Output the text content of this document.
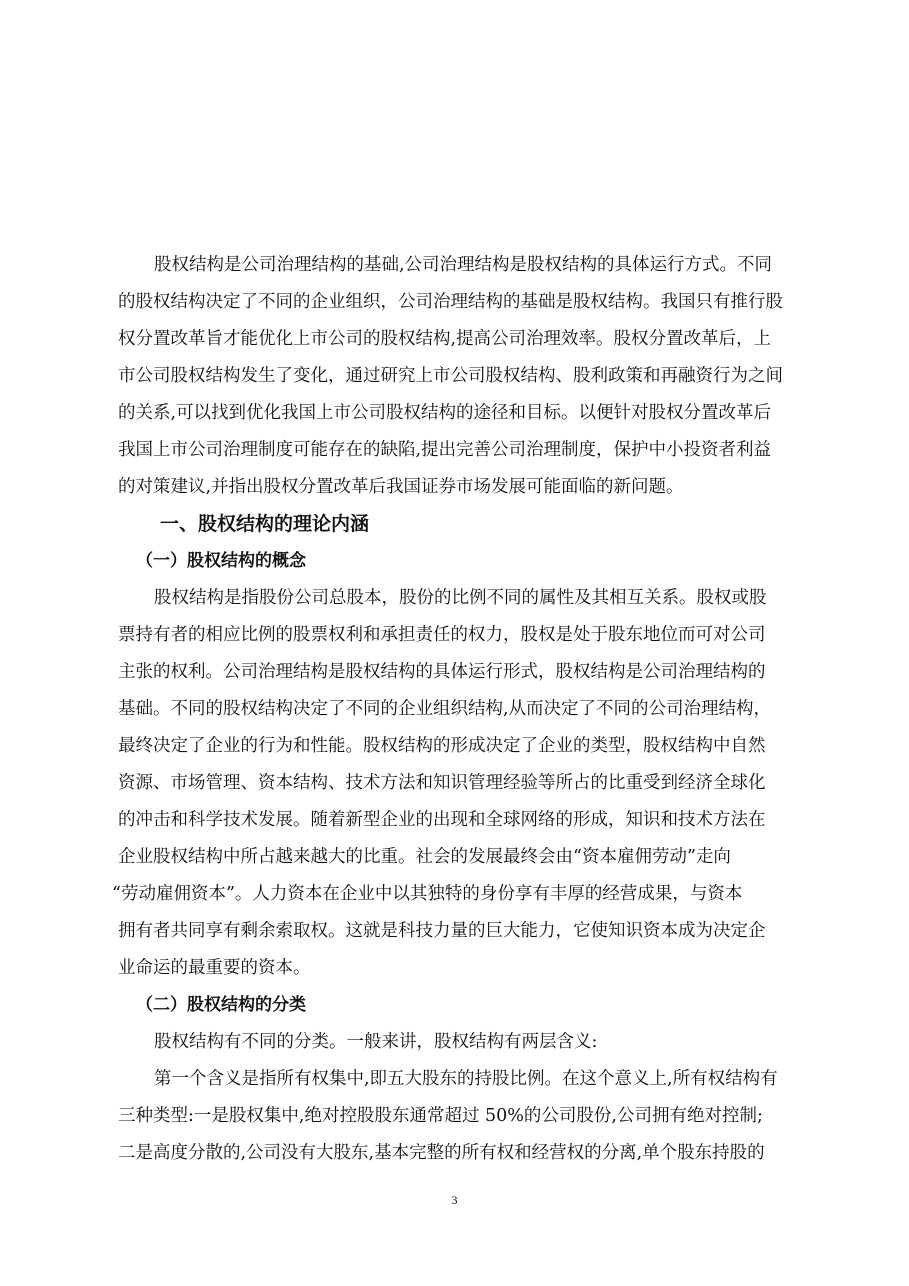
股权结构是公司治理结构的基础,公司治理结构是股权结构的具体运行方式。不同

的股权结构决定了不同的企业组织，公司治理结构的基础是股权结构。我国只有推行股

权分置改革旨才能优化上市公司的股权结构,提高公司治理效率。股权分置改革后，上

市公司股权结构发生了变化，通过研究上市公司股权结构、股利政策和再融资行为之间

的关系,可以找到优化我国上市公司股权结构的途径和目标。以便针对股权分置改革后

我国上市公司治理制度可能存在的缺陷,提出完善公司治理制度，保护中小投资者利益

的对策建议,并指出股权分置改革后我国证券市场发展可能面临的新问题。

一、股权结构的理论内涵

（一）股权结构的概念

股权结构是指股份公司总股本，股份的比例不同的属性及其相互关系。股权或股

票持有者的相应比例的股票权利和承担责任的权力，股权是处于股东地位而可对公司

主张的权利。公司治理结构是股权结构的具体运行形式，股权结构是公司治理结构的

基础。不同的股权结构决定了不同的企业组织结构,从而决定了不同的公司治理结构，

最终决定了企业的行为和性能。股权结构的形成决定了企业的类型，股权结构中自然

资源、市场管理、资本结构、技术方法和知识管理经验等所占的比重受到经济全球化

的冲击和科学技术发展。随着新型企业的出现和全球网络的形成，知识和技术方法在

企业股权结构中所占越来越大的比重。社会的发展最终会由“资本雇佣劳动”走向

“劳动雇佣资本”。人力资本在企业中以其独特的身份享有丰厚的经营成果，与资本

拥有者共同享有剩余索取权。这就是科技力量的巨大能力，它使知识资本成为决定企

业命运的最重要的资本。

（二）股权结构的分类

股权结构有不同的分类。一般来讲，股权结构有两层含义:

第一个含义是指所有权集中,即五大股东的持股比例。在这个意义上,所有权结构有

三种类型:一是股权集中,绝对控股股东通常超过 50%的公司股份,公司拥有绝对控制;

二是高度分散的,公司没有大股东,基本完整的所有权和经营权的分离,单个股东持股的

3
